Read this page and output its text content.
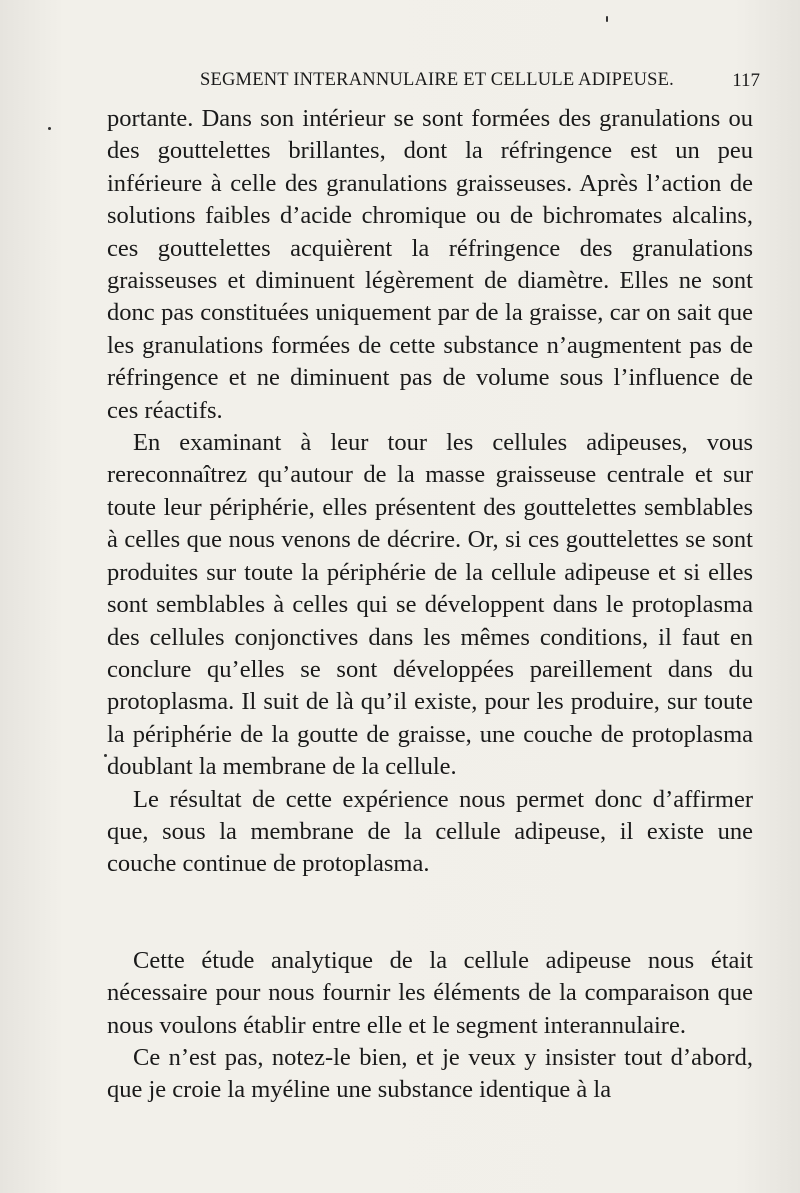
SEGMENT INTERANNULAIRE ET CELLULE ADIPEUSE.	117

portante. Dans son intérieur se sont formées des granulations ou des gouttelettes brillantes, dont la réfringence est un peu inférieure à celle des granulations graisseuses. Après l’action de solutions faibles d’acide chromique ou de bichromates alcalins, ces gouttelettes acquièrent la réfringence des granulations graisseuses et diminuent légèrement de diamètre. Elles ne sont donc pas constituées uniquement par de la graisse, car on sait que les granulations formées de cette substance n’augmentent pas de réfringence et ne diminuent pas de volume sous l’influence de ces réactifs.

En examinant à leur tour les cellules adipeuses, vous rereconnaîtrez qu’autour de la masse graisseuse centrale et sur toute leur périphérie, elles présentent des gouttelettes semblables à celles que nous venons de décrire. Or, si ces gouttelettes se sont produites sur toute la périphérie de la cellule adipeuse et si elles sont semblables à celles qui se développent dans le protoplasma des cellules conjonctives dans les mêmes conditions, il faut en conclure qu’elles se sont développées pareillement dans du protoplasma. Il suit de là qu’il existe, pour les produire, sur toute la périphérie de la goutte de graisse, une couche de protoplasma doublant la membrane de la cellule.

Le résultat de cette expérience nous permet donc d’affirmer que, sous la membrane de la cellule adipeuse, il existe une couche continue de protoplasma.

Cette étude analytique de la cellule adipeuse nous était nécessaire pour nous fournir les éléments de la comparaison que nous voulons établir entre elle et le segment interannulaire.

Ce n’est pas, notez-le bien, et je veux y insister tout d’abord, que je croie la myéline une substance identique à la
